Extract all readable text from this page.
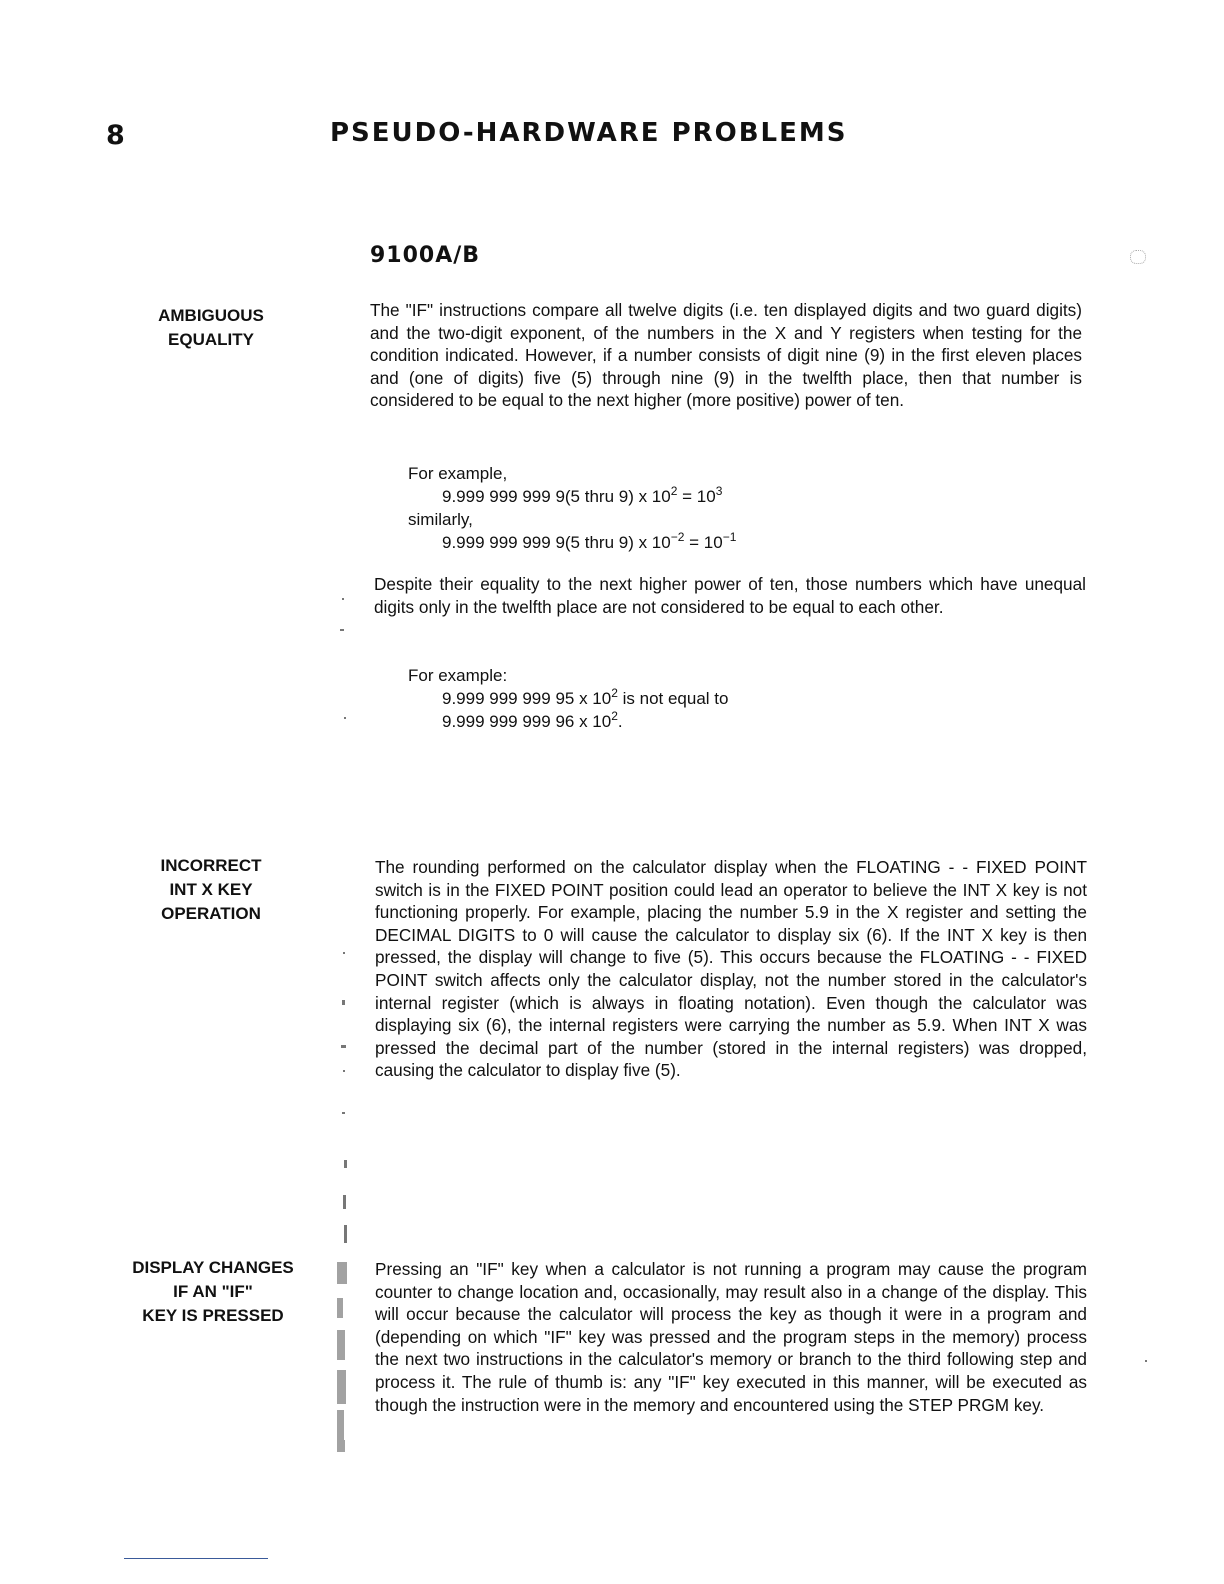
8	PSEUDO-HARDWARE PROBLEMS
9100A/B
AMBIGUOUS
EQUALITY
The "IF" instructions compare all twelve digits (i.e. ten displayed digits and two guard digits) and the two-digit exponent, of the numbers in the X and Y registers when testing for the condition indicated. However, if a number consists of digit nine (9) in the first eleven places and (one of digits) five (5) through nine (9) in the twelfth place, then that number is considered to be equal to the next higher (more positive) power of ten.
For example,
9.999 999 999 9(5 thru 9) x $10^2 = 10^3$
similarly,
9.999 999 999 9(5 thru 9) x $10^{-2} = 10^{-1}$
Despite their equality to the next higher power of ten, those numbers which have unequal digits only in the twelfth place are not considered to be equal to each other.
For example:
9.999 999 999 95 x $10^2$ is not equal to
9.999 999 999 96 x $10^2$.
INCORRECT
INT X KEY
OPERATION
The rounding performed on the calculator display when the FLOATING - - FIXED POINT switch is in the FIXED POINT position could lead an operator to believe the INT X key is not functioning properly. For example, placing the number 5.9 in the X register and setting the DECIMAL DIGITS to 0 will cause the calculator to display six (6). If the INT X key is then pressed, the display will change to five (5). This occurs because the FLOATING - - FIXED POINT switch affects only the calculator display, not the number stored in the calculator's internal register (which is always in floating notation). Even though the calculator was displaying six (6), the internal registers were carrying the number as 5.9. When INT X was pressed the decimal part of the number (stored in the internal registers) was dropped, causing the calculator to display five (5).
DISPLAY CHANGES
IF AN "IF"
KEY IS PRESSED
Pressing an "IF" key when a calculator is not running a program may cause the program counter to change location and, occasionally, may result also in a change of the display. This will occur because the calculator will process the key as though it were in a program and (depending on which "IF" key was pressed and the program steps in the memory) process the next two instructions in the calculator's memory or branch to the third following step and process it. The rule of thumb is: any "IF" key executed in this manner, will be executed as though the instruction were in the memory and encountered using the STEP PRGM key.
